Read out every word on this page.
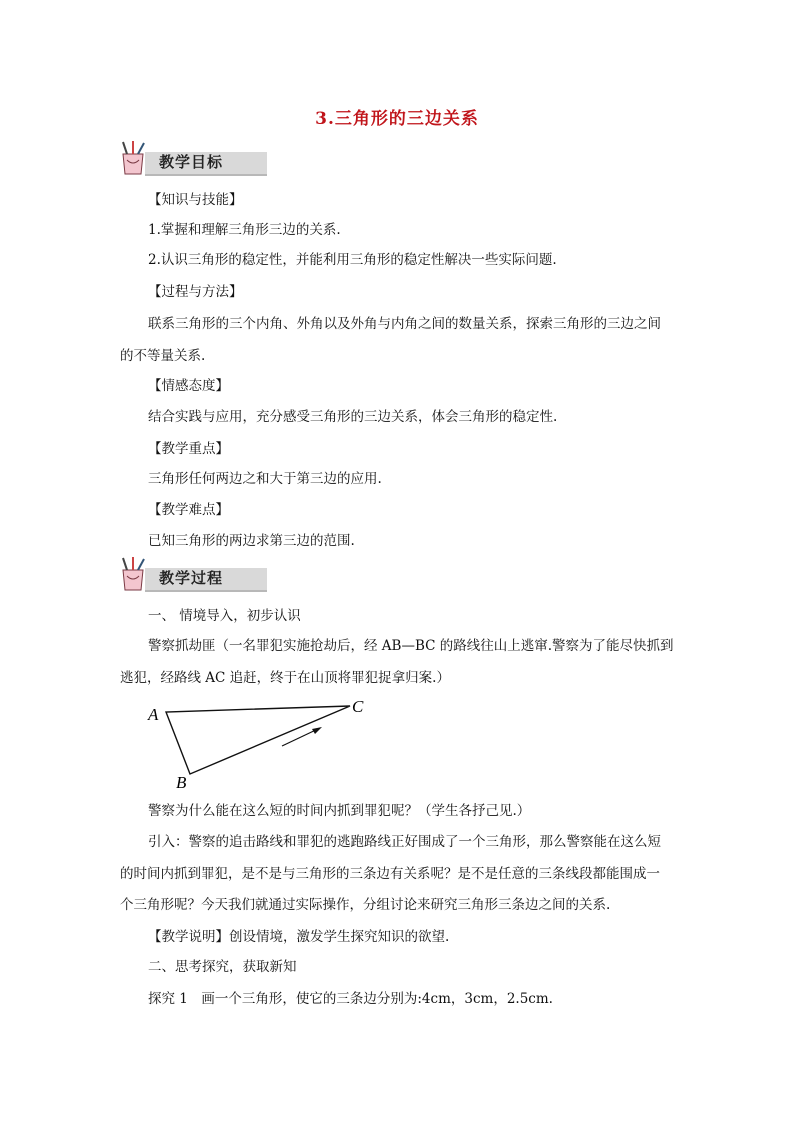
3.三角形的三边关系
教学目标
【知识与技能】
1.掌握和理解三角形三边的关系.
2.认识三角形的稳定性，并能利用三角形的稳定性解决一些实际问题.
【过程与方法】
联系三角形的三个内角、外角以及外角与内角之间的数量关系，探索三角形的三边之间
的不等量关系.
【情感态度】
结合实践与应用，充分感受三角形的三边关系，体会三角形的稳定性.
【教学重点】
三角形任何两边之和大于第三边的应用.
【教学难点】
已知三角形的两边求第三边的范围.
教学过程
一、 情境导入，初步认识
警察抓劫匪（一名罪犯实施抢劫后，经 AB—BC 的路线往山上逃窜.警察为了能尽快抓到
逃犯，经路线 AC 追赶，终于在山顶将罪犯捉拿归案.）
A
B
C
警察为什么能在这么短的时间内抓到罪犯呢？（学生各抒己见.）
引入：警察的追击路线和罪犯的逃跑路线正好围成了一个三角形，那么警察能在这么短
的时间内抓到罪犯，是不是与三角形的三条边有关系呢？是不是任意的三条线段都能围成一
个三角形呢？今天我们就通过实际操作，分组讨论来研究三角形三条边之间的关系.
【教学说明】创设情境，激发学生探究知识的欲望.
二、思考探究，获取新知
探究 1　画一个三角形，使它的三条边分别为:4cm，3cm，2.5cm.
